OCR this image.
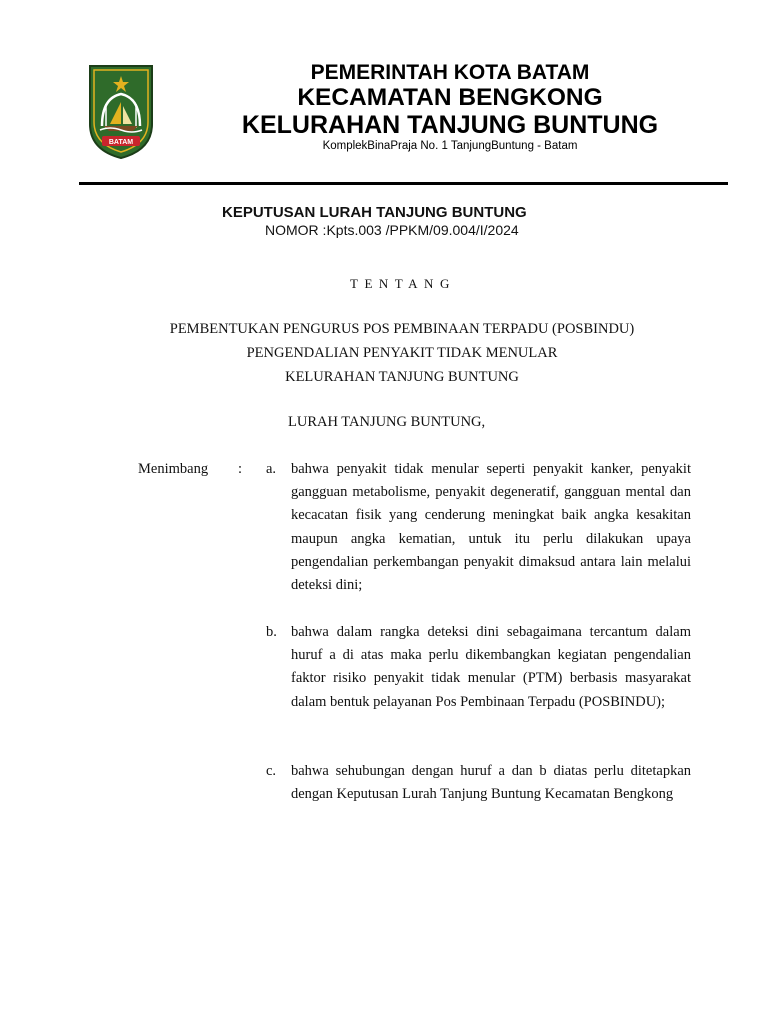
BATAM
PEMERINTAH KOTA BATAM
KECAMATAN BENGKONG
KELURAHAN TANJUNG BUNTUNG
KomplekBinaPraja No. 1 TanjungBuntung - Batam
KEPUTUSAN LURAH TANJUNG BUNTUNG
NOMOR :Kpts.003 /PPKM/09.004/I/2024
TENTANG
PEMBENTUKAN PENGURUS POS PEMBINAAN TERPADU (POSBINDU)
PENGENDALIAN PENYAKIT TIDAK MENULAR
KELURAHAN TANJUNG BUNTUNG
LURAH TANJUNG BUNTUNG,
Menimbang : a. bahwa penyakit tidak menular seperti penyakit kanker, penyakit gangguan metabolisme, penyakit degeneratif, gangguan mental dan kecacatan fisik yang cenderung meningkat baik angka kesakitan maupun angka kematian, untuk itu perlu dilakukan upaya pengendalian perkembangan penyakit dimaksud antara lain melalui deteksi dini;
b. bahwa dalam rangka deteksi dini sebagaimana tercantum dalam huruf a di atas maka perlu dikembangkan kegiatan pengendalian faktor risiko penyakit tidak menular (PTM) berbasis masyarakat dalam bentuk pelayanan Pos Pembinaan Terpadu (POSBINDU);
c. bahwa sehubungan dengan huruf a dan b diatas perlu ditetapkan dengan Keputusan Lurah Tanjung Buntung Kecamatan Bengkong
